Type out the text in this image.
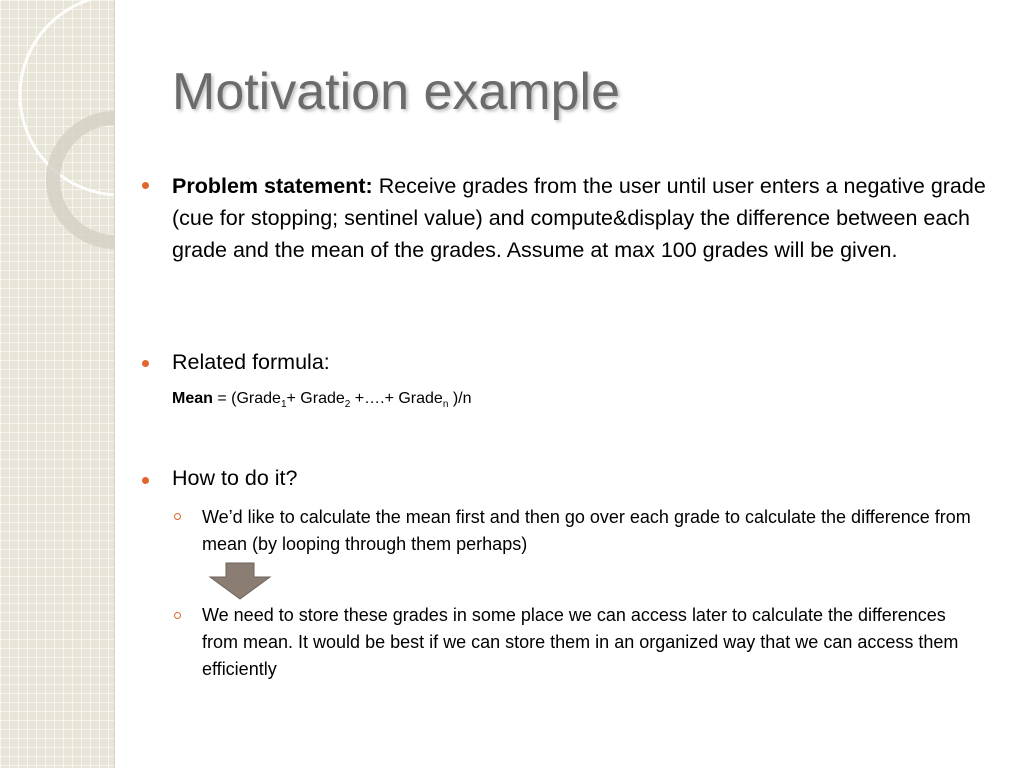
Motivation example
Problem statement: Receive grades from the user until user enters a negative grade (cue for stopping; sentinel value) and compute&display the difference between each grade and the mean of the grades. Assume at max 100 grades will be given.
Related formula:
Mean = (Grade$_1$+ Grade$_2$ +….+ Grade$_n$ )/n
How to do it?
We’d like to calculate the mean first and then go over each grade to calculate the difference from mean (by looping through them perhaps)
We need to store these grades in some place we can access later to calculate the differences from mean. It would be best if we can store them in an organized way that we can access them efficiently
